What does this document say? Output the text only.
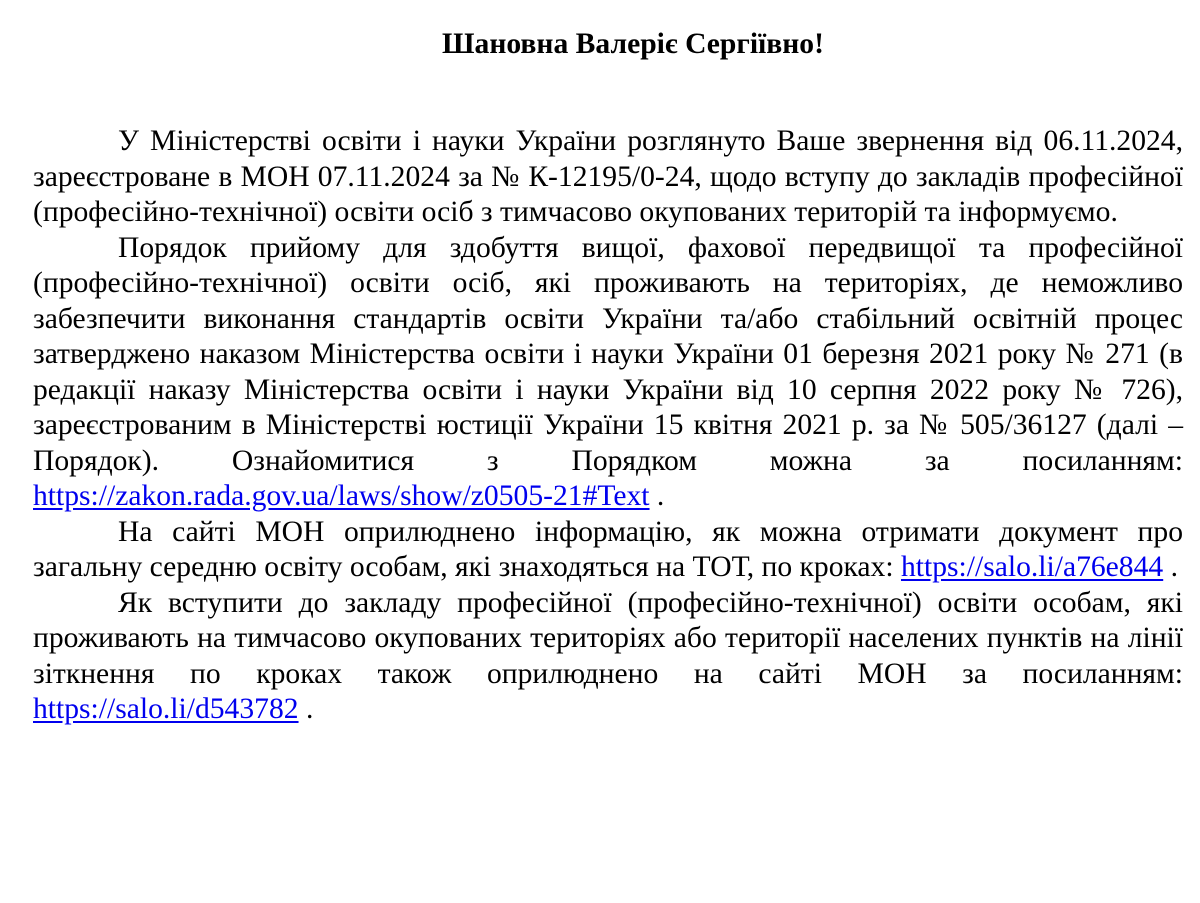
Шановна Валеріє Сергіївно!

У Міністерстві освіти і науки України розглянуто Ваше звернення від 06.11.2024, зареєстроване в МОН 07.11.2024 за № К-12195/0-24, щодо вступу до закладів професійної (професійно-технічної) освіти осіб з тимчасово окупованих територій та інформуємо.

Порядок прийому для здобуття вищої, фахової передвищої та професійної (професійно-технічної) освіти осіб, які проживають на територіях, де неможливо забезпечити виконання стандартів освіти України та/або стабільний освітній процес затверджено наказом Міністерства освіти і науки України 01 березня 2021 року № 271 (в редакції наказу Міністерства освіти і науки України від 10 серпня 2022 року № 726), зареєстрованим в Міністерстві юстиції України 15 квітня 2021 р. за № 505/36127 (далі – Порядок). Ознайомитися з Порядком можна за посиланням: https://zakon.rada.gov.ua/laws/show/z0505-21#Text .

На сайті МОН оприлюднено інформацію, як можна отримати документ про загальну середню освіту особам, які знаходяться на ТОТ, по кроках: https://salo.li/a76e844 .

Як вступити до закладу професійної (професійно-технічної) освіти особам, які проживають на тимчасово окупованих територіях або території населених пунктів на лінії зіткнення по кроках також оприлюднено на сайті МОН за посиланням: https://salo.li/d543782 .
